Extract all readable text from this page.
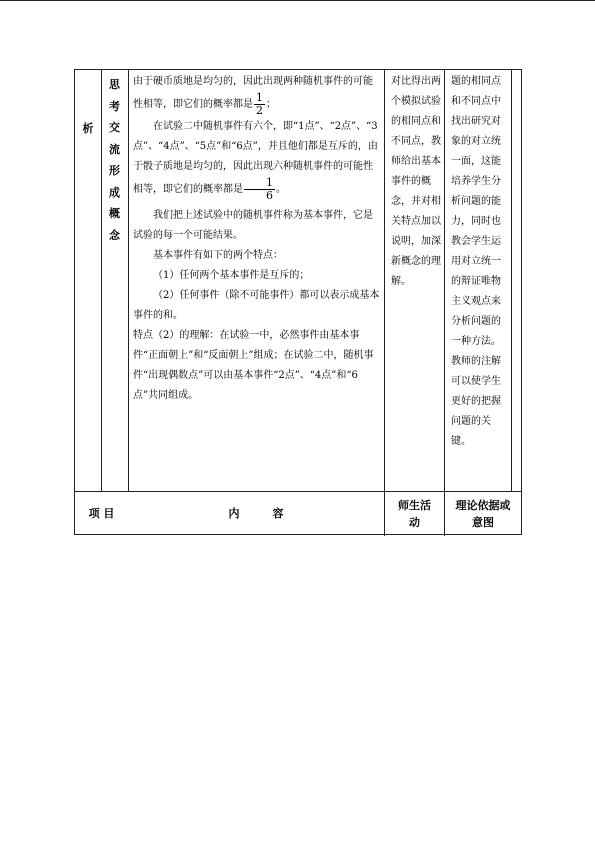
析
思
考
交
流
形
成
概
念

由于硬币质地是均匀的，因此出现两种随机事件的可能性相等，即它们的概率都是 $\frac{1}{2}$ ；

在试验二中随机事件有六个，即“1点”、“2点”、“3点”、“4点”、“5点”和“6点”，并且他们都是互斥的，由于骰子质地是均匀的，因此出现六种随机事件的可能性相等，即它们的概率都是 $\frac{1}{6}$ 。

我们把上述试验中的随机事件称为基本事件，它是试验的每一个可能结果。

基本事件有如下的两个特点：

（1）任何两个基本事件是互斥的；

（2）任何事件（除不可能事件）都可以表示成基本事件的和。

特点（2）的理解：在试验一中，必然事件由基本事件“正面朝上”和“反面朝上”组成；在试验二中，随机事件“出现偶数点”可以由基本事件“2点”、“4点”和“6点”共同组成。

对比得出两个模拟试验的相同点和不同点，教师给出基本事件的概念，并对相关特点加以说明，加深新概念的理解。
题的相同点和不同点中找出研究对象的对立统一面，这能培养学生分析问题的能力，同时也教会学生运用对立统一的辩证唯物主义观点来分析问题的一种方法。教师的注解可以使学生更好的把握问题的关键。
项 目	内　　　容
师生活动
理论依据或意图
